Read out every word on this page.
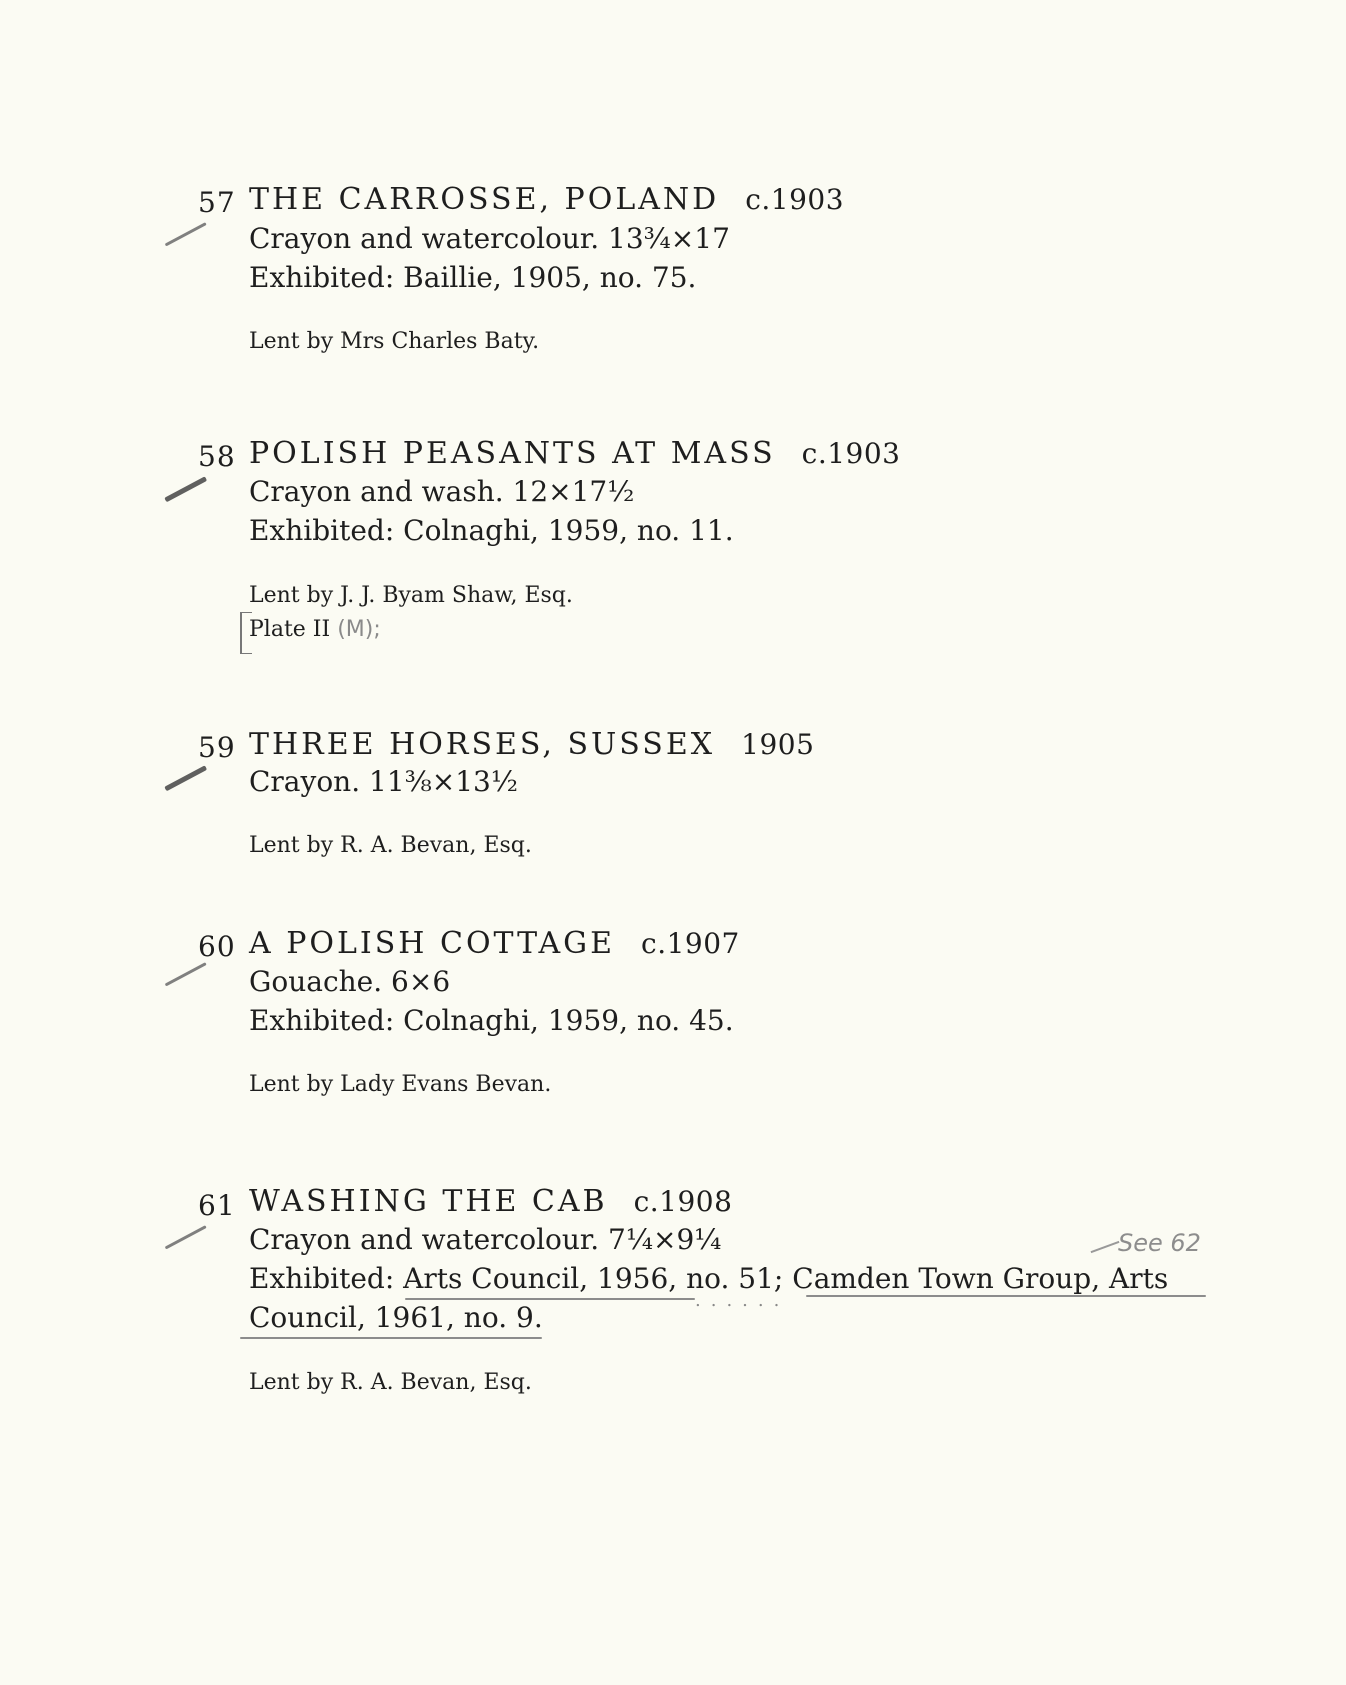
57 THE CARROSSE, POLAND c.1903
Crayon and watercolour. 13¾×17
Exhibited: Baillie, 1905, no. 75.
Lent by Mrs Charles Baty.
58 POLISH PEASANTS AT MASS c.1903
Crayon and wash. 12×17½
Exhibited: Colnaghi, 1959, no. 11.
Lent by J. J. Byam Shaw, Esq.
Plate II (M);
59 THREE HORSES, SUSSEX 1905
Crayon. 11⅜×13½
Lent by R. A. Bevan, Esq.
60 A POLISH COTTAGE c.1907
Gouache. 6×6
Exhibited: Colnaghi, 1959, no. 45.
Lent by Lady Evans Bevan.
61 WASHING THE CAB c.1908
Crayon and watercolour. 7¼×9¼
Exhibited: Arts Council, 1956, no. 51; Camden Town Group, Arts
Council, 1961, no. 9.
Lent by R. A. Bevan, Esq.
......
See 62
